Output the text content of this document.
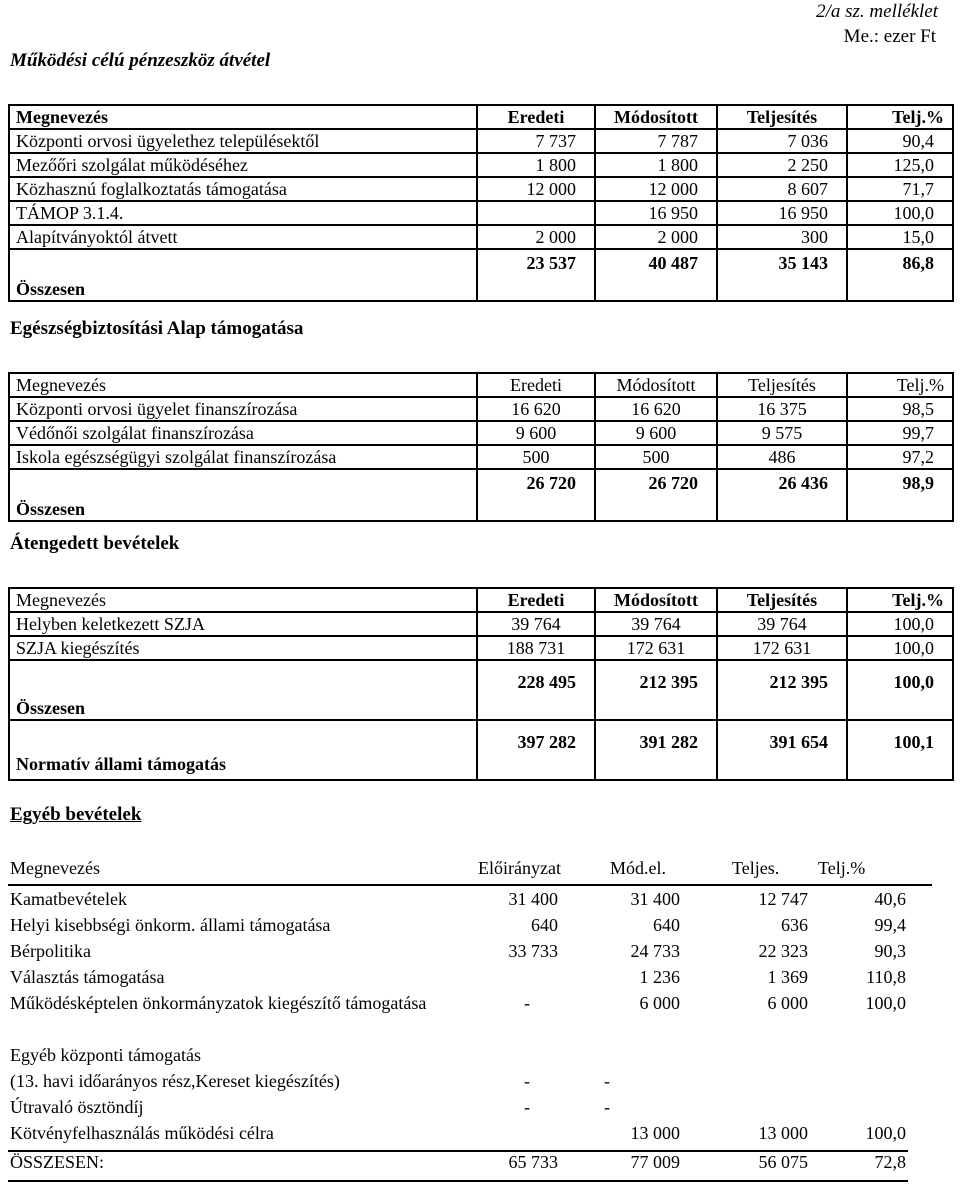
2/a sz. melléklet
Me.: ezer Ft
Működési célú pénzeszköz átvétel
Megnevezés	Eredeti	Módosított	Teljesítés	Telj.%
Központi orvosi ügyelethez településektől	7 737	7 787	7 036	90,4
Mezőőri szolgálat működéséhez	1 800	1 800	2 250	125,0
Közhasznú foglalkoztatás támogatása	12 000	12 000	8 607	71,7
TÁMOP 3.1.4.		16 950	16 950	100,0
Alapítványoktól átvett	2 000	2 000	300	15,0
Összesen	23 537	40 487	35 143	86,8
Egészségbiztosítási Alap támogatása
Megnevezés	Eredeti	Módosított	Teljesítés	Telj.%
Központi orvosi ügyelet finanszírozása	16 620	16 620	16 375	98,5
Védőnői szolgálat finanszírozása	9 600	9 600	9 575	99,7
Iskola egészségügyi szolgálat finanszírozása	500	500	486	97,2
Összesen	26 720	26 720	26 436	98,9
Átengedett bevételek
Megnevezés	Eredeti	Módosított	Teljesítés	Telj.%
Helyben keletkezett SZJA	39 764	39 764	39 764	100,0
SZJA kiegészítés	188 731	172 631	172 631	100,0
Összesen	228 495	212 395	212 395	100,0
Normatív állami támogatás	397 282	391 282	391 654	100,1
Egyéb bevételek
Megnevezés	Előirányzat	Mód.el.	Teljes. Telj.%
Kamatbevételek	31 400	31 400	12 747	40,6
Helyi kisebbségi önkorm. állami támogatása	640	640	636	99,4
Bérpolitika	33 733	24 733	22 323	90,3
Választás támogatása		1 236	1 369	110,8
Működésképtelen önkormányzatok kiegészítő támogatása	-	6 000	6 000	100,0
Egyéb központi támogatás				
(13. havi időarányos rész,Kereset kiegészítés)	-	-		
Útravaló ösztöndíj	-	-		
Kötvényfelhasználás működési célra		13 000	13 000	100,0
ÖSSZESEN:	65 733	77 009	56 075	72,8
